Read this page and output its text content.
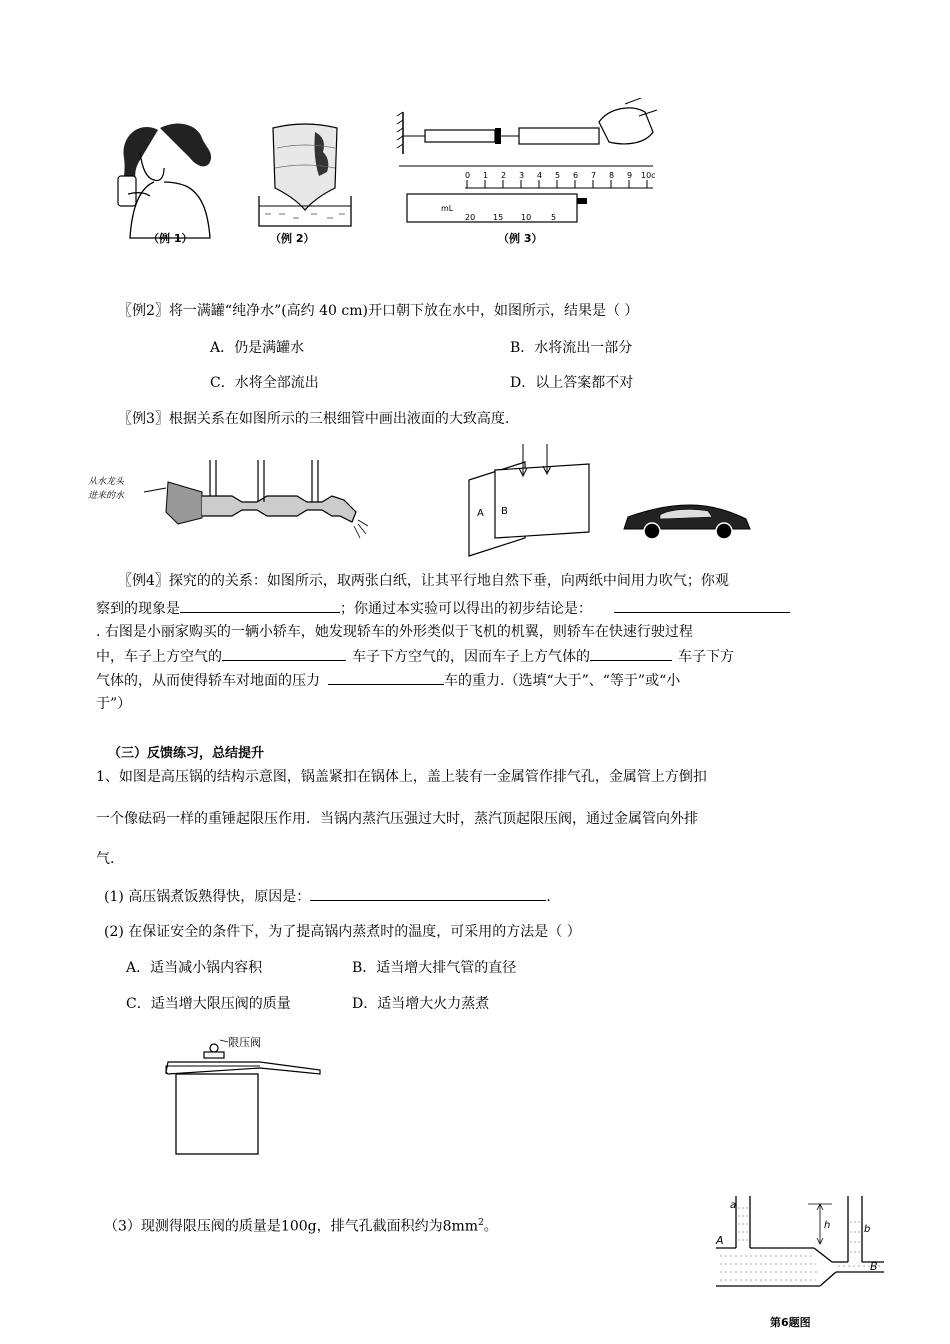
（例 1）	（例 2）
0 1 2 3 4 5 6 7 8 9 10c
mL
20 15 10 5
（例 3）
〖例2〗将一满罐“纯净水”(高约 40 cm)开口朝下放在水中，如图所示，结果是（ ）
A．仍是满罐水	B．水将流出一部分
C．水将全部流出	D．以上答案都不对
〖例3〗根据关系在如图所示的三根细管中画出液面的大致高度.
从水龙头
进来的水
A B
〖例4〗探究的的关系：如图所示，取两张白纸，让其平行地自然下垂，向两纸中间用力吹气；你观
察到的现象是	；你通过本实验可以得出的初步结论是：
. 右图是小丽家购买的一辆小轿车，她发现轿车的外形类似于飞机的机翼，则轿车在快速行驶过程
中，车子上方空气的	车子下方空气的，因而车子上方气体的	车子下方
气体的，从而使得轿车对地面的压力	车的重力.（选填“大于”、“等于”或“小
于”）
（三）反馈练习，总结提升
1、如图是高压锅的结构示意图，锅盖紧扣在锅体上，盖上装有一金属管作排气孔，金属管上方倒扣
一个像砝码一样的重锤起限压作用．当锅内蒸汽压强过大时，蒸汽顶起限压阀，通过金属管向外排
气.
(1) 高压锅煮饭熟得快，原因是：	.
(2) 在保证安全的条件下，为了提高锅内蒸煮时的温度，可采用的方法是（ ）
A．适当减小锅内容积	B．适当增大排气管的直径
C．适当增大限压阀的质量	D．适当增大火力蒸煮
限压阀
（3）现测得限压阀的质量是100g，排气孔截面积约为$8mm^2$。
a
b
h
A
B
第6题图
